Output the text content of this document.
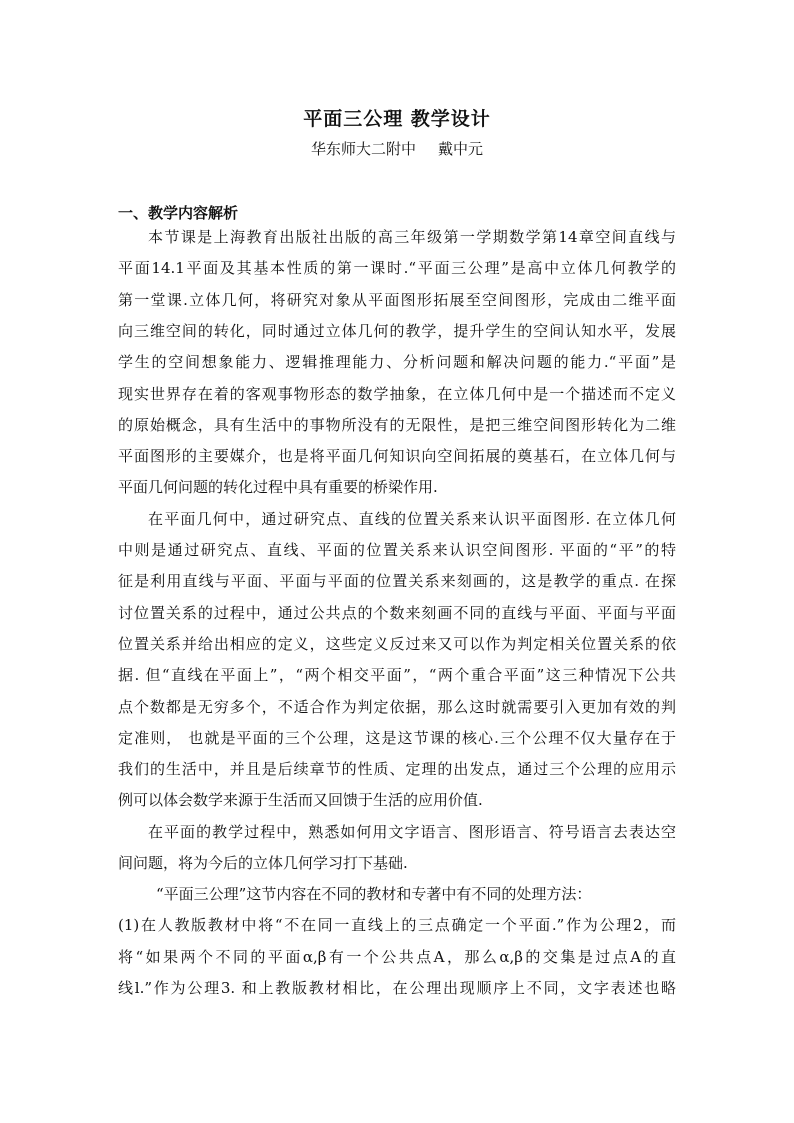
平面三公理 教学设计
华东师大二附中 戴中元
一、教学内容解析
本节课是上海教育出版社出版的高三年级第一学期数学第14章空间直线与
平面14.1平面及其基本性质的第一课时.“平面三公理”是高中立体几何教学的
第一堂课.立体几何，将研究对象从平面图形拓展至空间图形，完成由二维平面
向三维空间的转化，同时通过立体几何的教学，提升学生的空间认知水平，发展
学生的空间想象能力、逻辑推理能力、分析问题和解决问题的能力.“平面”是
现实世界存在着的客观事物形态的数学抽象，在立体几何中是一个描述而不定义
的原始概念，具有生活中的事物所没有的无限性，是把三维空间图形转化为二维
平面图形的主要媒介，也是将平面几何知识向空间拓展的奠基石，在立体几何与
平面几何问题的转化过程中具有重要的桥梁作用.
在平面几何中，通过研究点、直线的位置关系来认识平面图形. 在立体几何
中则是通过研究点、直线、平面的位置关系来认识空间图形. 平面的“平”的特
征是利用直线与平面、平面与平面的位置关系来刻画的，这是教学的重点. 在探
讨位置关系的过程中，通过公共点的个数来刻画不同的直线与平面、平面与平面
位置关系并给出相应的定义，这些定义反过来又可以作为判定相关位置关系的依
据. 但“直线在平面上”，“两个相交平面”，“两个重合平面”这三种情况下公共
点个数都是无穷多个，不适合作为判定依据，那么这时就需要引入更加有效的判
定准则， 也就是平面的三个公理，这是这节课的核心.三个公理不仅大量存在于
我们的生活中，并且是后续章节的性质、定理的出发点，通过三个公理的应用示
例可以体会数学来源于生活而又回馈于生活的应用价值.
在平面的教学过程中，熟悉如何用文字语言、图形语言、符号语言去表达空
间问题，将为今后的立体几何学习打下基础.
“平面三公理”这节内容在不同的教材和专著中有不同的处理方法：
(1)在人教版教材中将“不在同一直线上的三点确定一个平面.”作为公理2，而
将“如果两个不同的平面α,β有一个公共点A，那么α,β的交集是过点A的直
线l.”作为公理3. 和上教版教材相比，在公理出现顺序上不同，文字表述也略
